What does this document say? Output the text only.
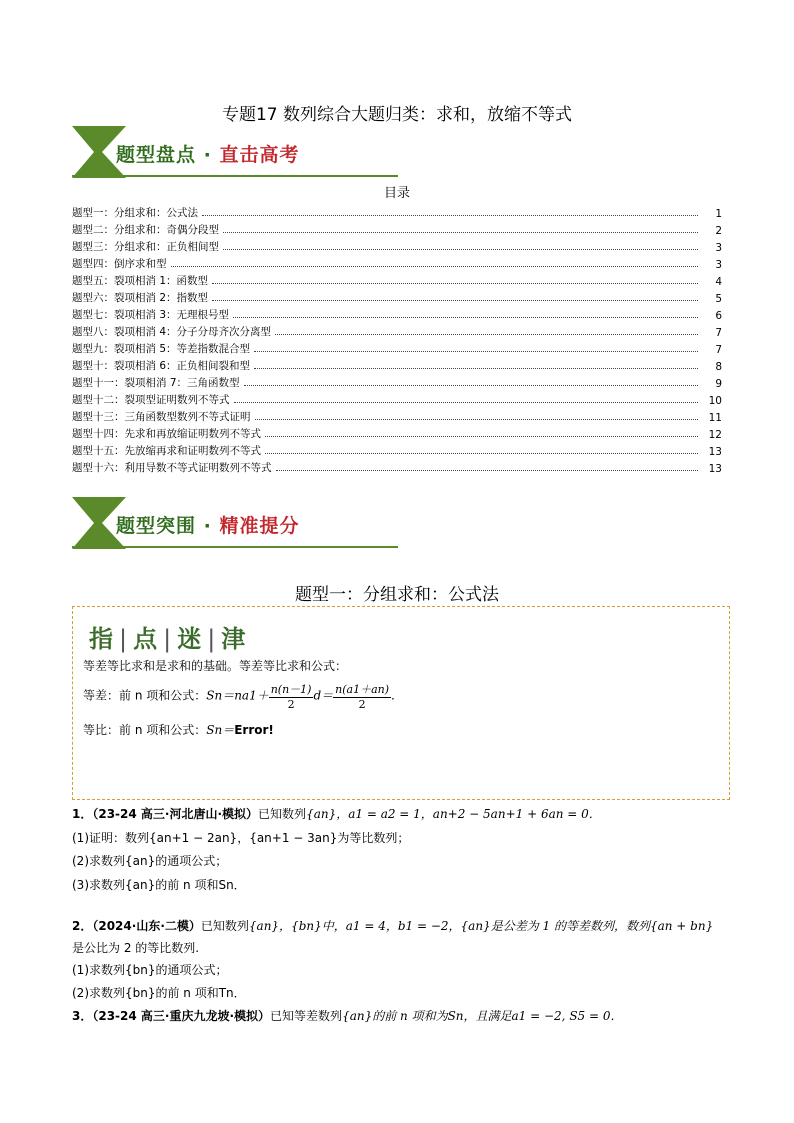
专题17 数列综合大题归类：求和，放缩不等式
题型盘点 · 直击高考
目录
题型一：分组求和：公式法	1
题型二：分组求和：奇偶分段型	2
题型三：分组求和：正负相间型	3
题型四：倒序求和型	3
题型五：裂项相消 1：函数型	4
题型六：裂项相消 2：指数型	5
题型七：裂项相消 3：无理根号型	6
题型八：裂项相消 4：分子分母齐次分离型	7
题型九：裂项相消 5：等差指数混合型	7
题型十：裂项相消 6：正负相间裂和型	8
题型十一：裂项相消 7：三角函数型	9
题型十二：裂项型证明数列不等式	10
题型十三：三角函数型数列不等式证明	11
题型十四：先求和再放缩证明数列不等式	12
题型十五：先放缩再求和证明数列不等式	13
题型十六：利用导数不等式证明数列不等式	13
题型突围 · 精准提分
题型一：分组求和：公式法
指 | 点 | 迷 | 津
等差等比求和是求和的基础。等差等比求和公式：
等差：前 n 项和公式：$Sn=na1+ \frac{n(n-1)}{2} d= \frac{n(a1+an)}{2}$ .
等比：前 n 项和公式：Sn＝Error!
1．（23-24 高三·河北唐山·模拟）已知数列{an}，a1 = a2 = 1，an+2 − 5an+1 + 6an = 0．
(1)证明：数列{an+1 − 2an}，{an+1 − 3an}为等比数列；
(2)求数列{an}的通项公式；
(3)求数列{an}的前 n 项和Sn．
2．（2024·山东·二模）已知数列{an}，{bn}中，a1 = 4，b1 = −2，{an}是公差为 1 的等差数列，数列{an + bn}
是公比为 2 的等比数列.
(1)求数列{bn}的通项公式；
(2)求数列{bn}的前 n 项和Tn．
3．（23-24 高三·重庆九龙坡·模拟）已知等差数列{an}的前 n 项和为Sn，且满足a1 = −2, S5 = 0．
